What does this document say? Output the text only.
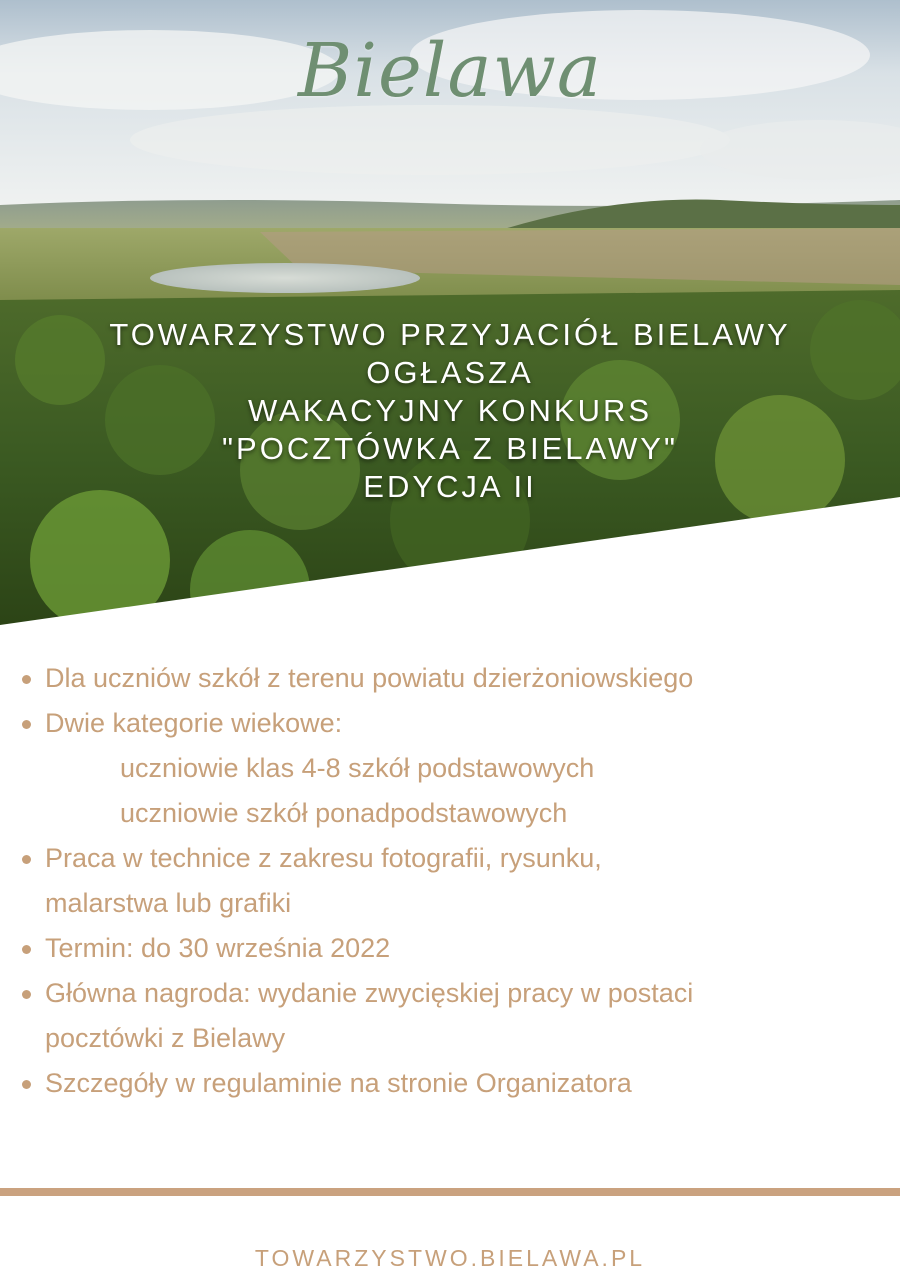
Bielawa
TOWARZYSTWO PRZYJACIÓŁ BIELAWY
OGŁASZA
WAKACYJNY KONKURS
"POCZTÓWKA Z BIELAWY"
EDYCJA II
Dla uczniów szkół z terenu powiatu dzierżoniowskiego
Dwie kategorie wiekowe:
uczniowie klas 4-8 szkół podstawowych
uczniowie szkół ponadpodstawowych
Praca w technice z zakresu fotografii, rysunku,
malarstwa lub grafiki
Termin: do 30 września 2022
Główna nagroda: wydanie zwycięskiej pracy w postaci
pocztówki z Bielawy
Szczegóły w regulaminie na stronie Organizatora
TOWARZYSTWO.BIELAWA.PL
